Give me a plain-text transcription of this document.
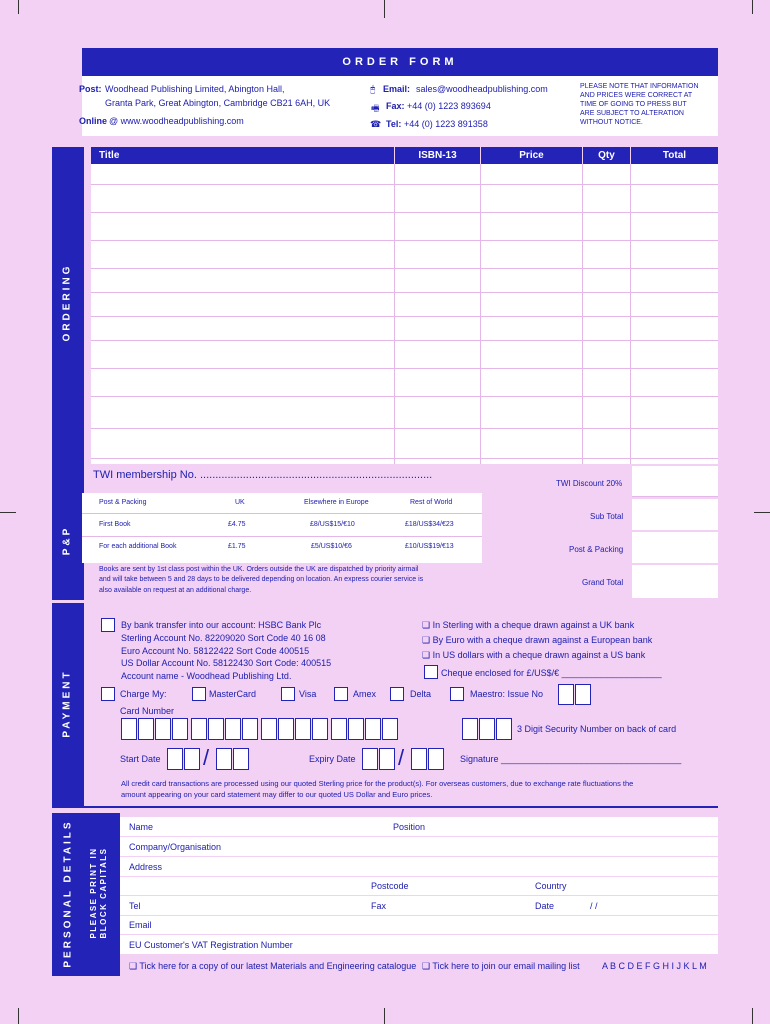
ORDER FORM
Post: Woodhead Publishing Limited, Abington Hall,
Granta Park, Great Abington, Cambridge CB21 6AH, UK
Online @ www.woodheadpublishing.com
🖰 Email: sales@woodheadpublishing.com
🖷 Fax: +44 (0) 1223 893694
☎ Tel: +44 (0) 1223 891358
PLEASE NOTE THAT INFORMATION
AND PRICES WERE CORRECT AT
TIME OF GOING TO PRESS BUT
ARE SUBJECT TO ALTERATION
WITHOUT NOTICE.
ORDERING
P&P
Title	ISBN-13	Price	Qty	Total
TWI membership No. ............................................................................
TWI Discount 20%
Sub Total
Post & Packing
Grand Total
Post & Packing	UK	Elsewhere in Europe	Rest of World
First Book	£4.75	£8/US$15/€10	£18/US$34/€23
For each additional Book	£1.75	£5/US$10/€6	£10/US$19/€13
Books are sent by 1st class post within the UK. Orders outside the UK are dispatched by priority airmail
and will take between 5 and 28 days to be delivered depending on location. An express courier service is
also available on request at an additional charge.
PAYMENT
By bank transfer into our account: HSBC Bank Plc
Sterling Account No. 82209020 Sort Code 40 16 08
Euro Account No. 58122422 Sort Code 400515
US Dollar Account No. 58122430 Sort Code: 400515
Account name - Woodhead Publishing Ltd.
❑ In Sterling with a cheque drawn against a UK bank
❑ By Euro with a cheque drawn against a European bank
❑ In US dollars with a cheque drawn against a US bank
Cheque enclosed for £/US$/€ ____________________
Charge My:	MasterCard	Visa	Amex	Delta	Maestro: Issue No
Card Number
3 Digit Security Number on back of card
Start Date /	Expiry Date /	Signature ____________________________________
All credit card transactions are processed using our quoted Sterling price for the product(s). For overseas customers, due to exchange rate fluctuations the
amount appearing on your card statement may differ to our quoted US Dollar and Euro prices.
PERSONAL DETAILS PLEASE PRINT IN BLOCK CAPITALS
Name	Position
Company/Organisation
Address
Postcode	Country
Tel	Fax	Date	/ /
Email
EU Customer's VAT Registration Number
❑ Tick here for a copy of our latest Materials and Engineering catalogue ❑ Tick here to join our email mailing list A B C D E F G H I J K L M
